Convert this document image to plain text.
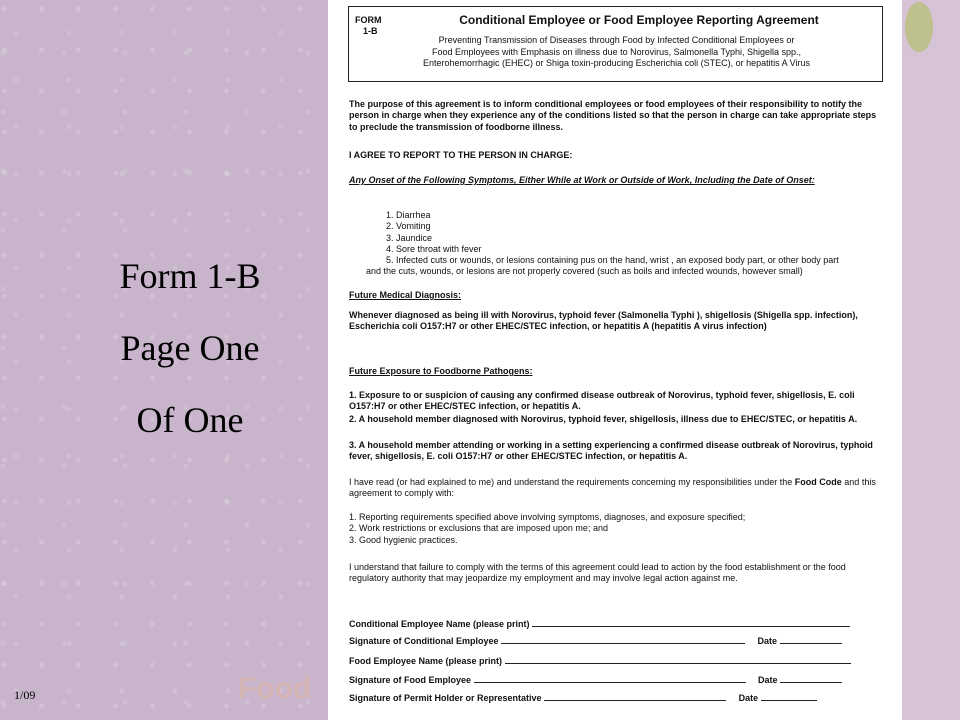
Form 1-B
Page One
Of One
1/09	Food
FORM
1-B
Conditional Employee or Food Employee Reporting Agreement
Preventing Transmission of Diseases through Food by Infected Conditional Employees or
Food Employees with Emphasis on illness due to Norovirus, Salmonella Typhi, Shigella spp.,
Enterohemorrhagic (EHEC) or Shiga toxin-producing Escherichia coli (STEC), or hepatitis A Virus
The purpose of this agreement is to inform conditional employees or food employees of their responsibility to notify the person in charge when they experience any of the conditions listed so that the person in charge can take appropriate steps to preclude the transmission of foodborne illness.
I AGREE TO REPORT TO THE PERSON IN CHARGE:
Any Onset of the Following Symptoms, Either While at Work or Outside of Work, Including the Date of Onset:
1. Diarrhea
2. Vomiting
3. Jaundice
4. Sore throat with fever
5. Infected cuts or wounds, or lesions containing pus on the hand, wrist , an exposed body part, or other body part
and the cuts, wounds, or lesions are not properly covered (such as boils and infected wounds, however small)
Future Medical Diagnosis:
Whenever diagnosed as being ill with Norovirus, typhoid fever (Salmonella Typhi ), shigellosis (Shigella spp. infection), Escherichia coli O157:H7 or other EHEC/STEC infection, or hepatitis A (hepatitis A virus infection)
Future Exposure to Foodborne Pathogens:
1. Exposure to or suspicion of causing any confirmed disease outbreak of Norovirus, typhoid fever, shigellosis, E. coli O157:H7 or other EHEC/STEC infection, or hepatitis A.
2. A household member diagnosed with Norovirus, typhoid fever, shigellosis, illness due to EHEC/STEC, or hepatitis A.
3. A household member attending or working in a setting experiencing a confirmed disease outbreak of Norovirus, typhoid fever, shigellosis, E. coli O157:H7 or other EHEC/STEC infection, or hepatitis A.
I have read (or had explained to me) and understand the requirements concerning my responsibilities under the Food Code and this agreement to comply with:
1. Reporting requirements specified above involving symptoms, diagnoses, and exposure specified;
2. Work restrictions or exclusions that are imposed upon me; and
3. Good hygienic practices.
I understand that failure to comply with the terms of this agreement could lead to action by the food establishment or the food regulatory authority that may jeopardize my employment and may involve legal action against me.
Conditional Employee Name (please print)
Signature of Conditional Employee	Date
Food Employee Name (please print)
Signature of Food Employee	Date
Signature of Permit Holder or Representative	Date
